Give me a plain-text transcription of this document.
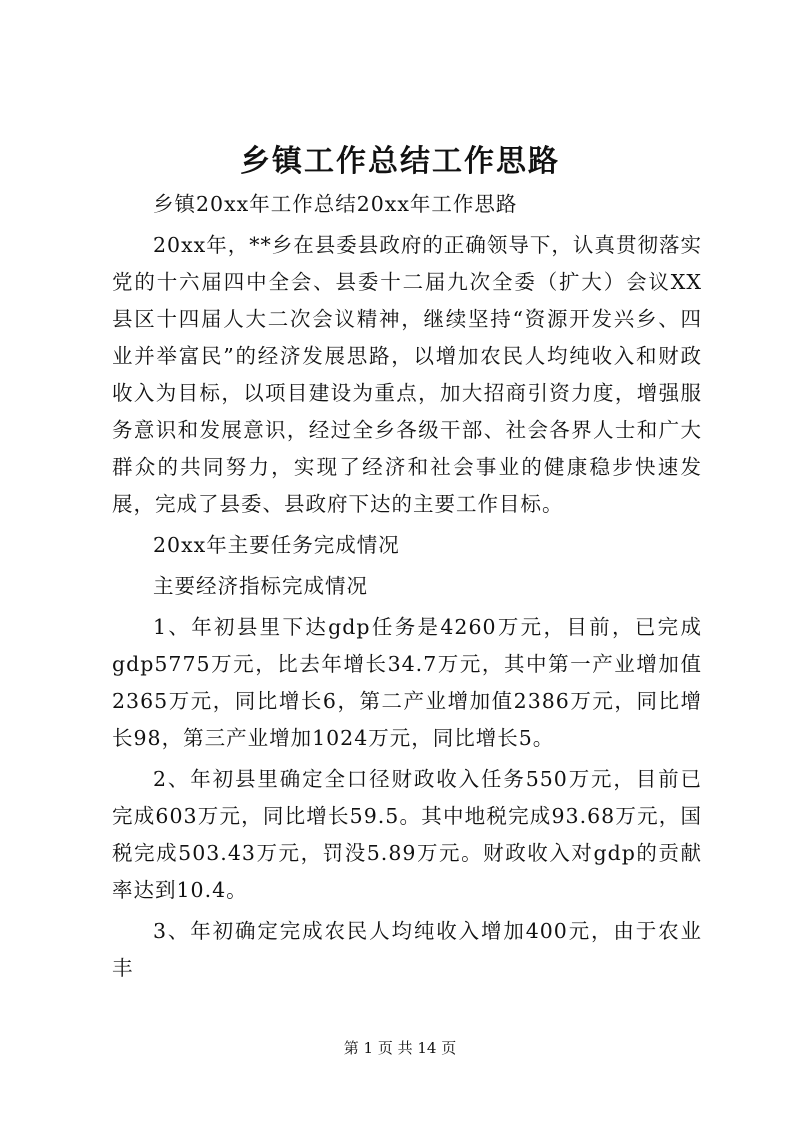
乡镇工作总结工作思路

乡镇20xx年工作总结20xx年工作思路

20xx年，**乡在县委县政府的正确领导下，认真贯彻落实党的十六届四中全会、县委十二届九次全委（扩大）会议XX县区十四届人大二次会议精神，继续坚持“资源开发兴乡、四业并举富民”的经济发展思路，以增加农民人均纯收入和财政收入为目标，以项目建设为重点，加大招商引资力度，增强服务意识和发展意识，经过全乡各级干部、社会各界人士和广大群众的共同努力，实现了经济和社会事业的健康稳步快速发展，完成了县委、县政府下达的主要工作目标。

20xx年主要任务完成情况

主要经济指标完成情况

1、年初县里下达gdp任务是4260万元，目前，已完成gdp5775万元，比去年增长34.7万元，其中第一产业增加值2365万元，同比增长6，第二产业增加值2386万元，同比增长98，第三产业增加1024万元，同比增长5。

2、年初县里确定全口径财政收入任务550万元，目前已完成603万元，同比增长59.5。其中地税完成93.68万元，国税完成503.43万元，罚没5.89万元。财政收入对gdp的贡献率达到10.4。

3、年初确定完成农民人均纯收入增加400元，由于农业丰

第 1 页 共 14 页
